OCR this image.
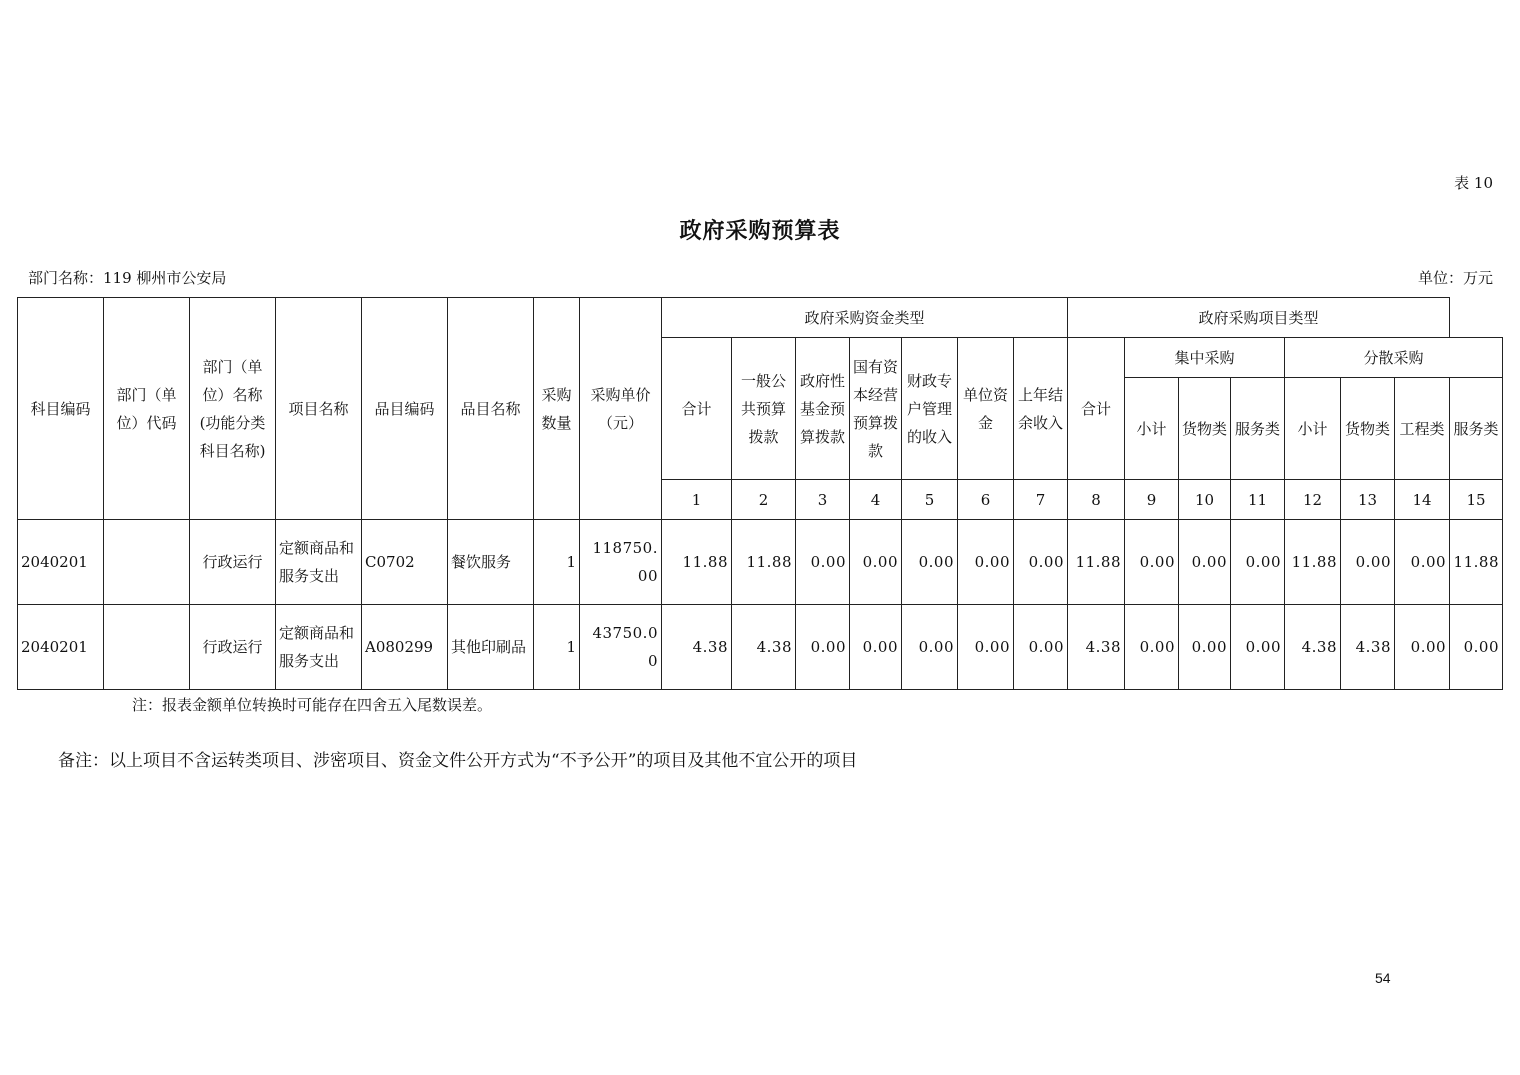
表 10
政府采购预算表
部门名称：119 柳州市公安局	单位：万元
科目编码	部门（单位）代码	部门（单位）名称(功能分类科目名称)	项目名称	品目编码	品目名称	采购数量	采购单价（元）	政府采购资金类型							政府采购项目类型							
								合计	一般公共预算拨款	政府性基金预算拨款	国有资本经营预算拨款	财政专户管理的收入	单位资金	上年结余收入	合计	集中采购			分散采购			
																小计	货物类	服务类	小计	货物类	工程类	服务类
								1	2	3	4	5	6	7	8	9	10	11	12	13	14	15
2040201		行政运行	定额商品和服务支出	C0702	餐饮服务	1	118750.00	11.88	11.88	0.00	0.00	0.00	0.00	0.00	11.88	0.00	0.00	0.00	11.88	0.00	0.00	11.88
2040201		行政运行	定额商品和服务支出	A080299	其他印刷品	1	43750.00	4.38	4.38	0.00	0.00	0.00	0.00	0.00	4.38	0.00	0.00	0.00	4.38	4.38	0.00	0.00
注：报表金额单位转换时可能存在四舍五入尾数误差。
备注：以上项目不含运转类项目、涉密项目、资金文件公开方式为“不予公开”的项目及其他不宜公开的项目
54
